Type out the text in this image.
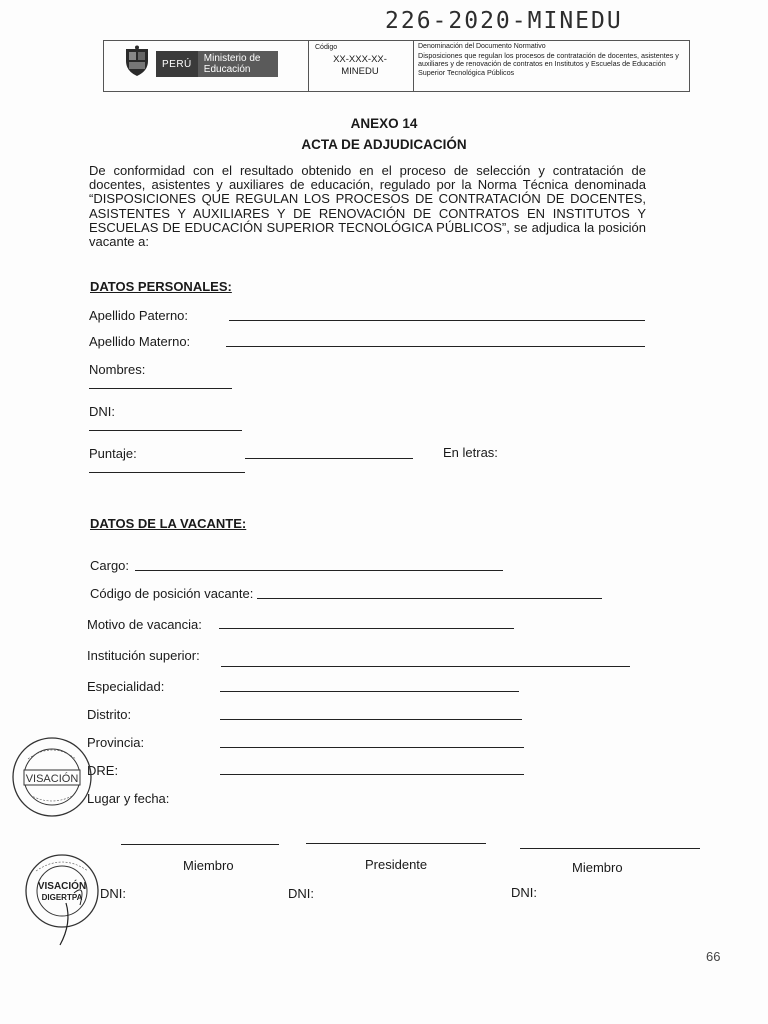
226-2020-MINEDU
PERÚ	Ministerio de Educación
Código
XX-XXX-XX-MINEDU
Denominación del Documento Normativo
Disposiciones que regulan los procesos de contratación de docentes, asistentes y auxiliares y de renovación de contratos en Institutos y Escuelas de Educación Superior Tecnológica Públicos
ANEXO 14
ACTA DE ADJUDICACIÓN
De conformidad con el resultado obtenido en el proceso de selección y contratación de docentes, asistentes y auxiliares de educación, regulado por la Norma Técnica denominada “DISPOSICIONES QUE REGULAN LOS PROCESOS DE CONTRATACIÓN DE DOCENTES, ASISTENTES Y AUXILIARES Y DE RENOVACIÓN DE CONTRATOS EN INSTITUTOS Y ESCUELAS DE EDUCACIÓN SUPERIOR TECNOLÓGICA PÚBLICOS”, se adjudica la posición vacante a:
DATOS PERSONALES:
Apellido Paterno:
Apellido Materno:
Nombres:
DNI:
Puntaje:	En letras:
DATOS DE LA VACANTE:
Cargo:
Código de posición vacante:
Motivo de vacancia:
Institución superior:
Especialidad:
Distrito:
Provincia:
DRE:
Lugar y fecha:
Miembro	Presidente	Miembro
DNI:	DNI:	DNI:
VISACIÓN
VISACIÓN
DIGERTPA
66
